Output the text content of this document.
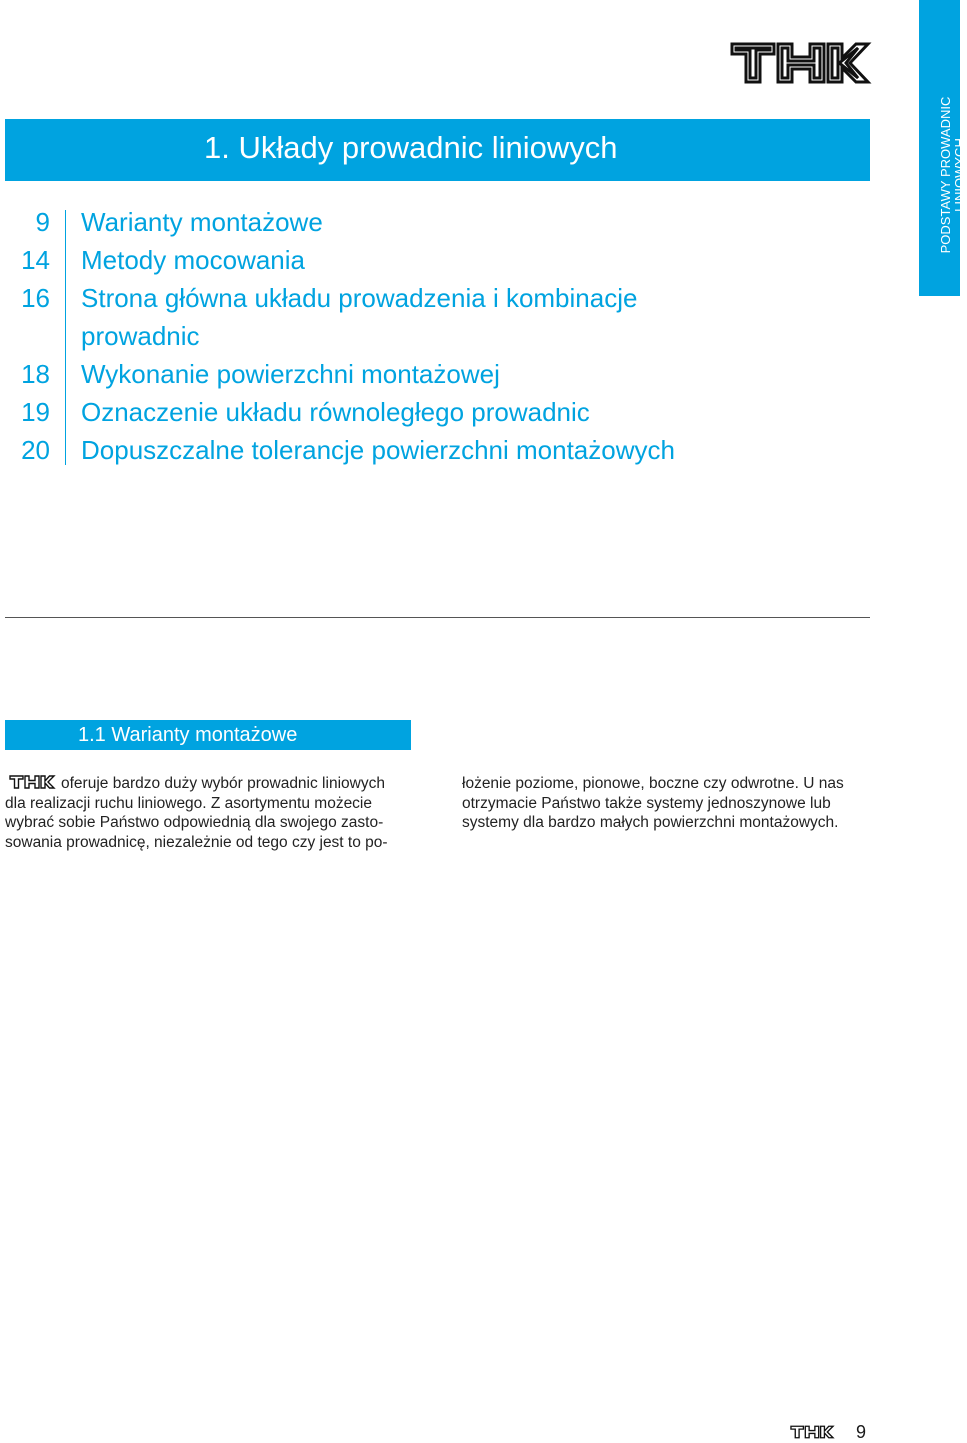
PODSTAWY PROWADNIC LINIOWYCH
1. Układy prowadnic liniowych
9 Warianty montażowe
14 Metody mocowania
16 Strona główna układu prowadzenia i kombinacje prowadnic
18 Wykonanie powierzchni montażowej
19 Oznaczenie układu równoległego prowadnic
20 Dopuszczalne tolerancje powierzchni montażowych
1.1 Warianty montażowe
oferuje bardzo duży wybór prowadnic liniowych
dla realizacji ruchu liniowego. Z asortymentu możecie
wybrać sobie Państwo odpowiednią dla swojego zasto-
sowania prowadnicę, niezależnie od tego czy jest to po-
łożenie poziome, pionowe, boczne czy odwrotne. U nas
otrzymacie Państwo także systemy jednoszynowe lub
systemy dla bardzo małych powierzchni montażowych.
9
